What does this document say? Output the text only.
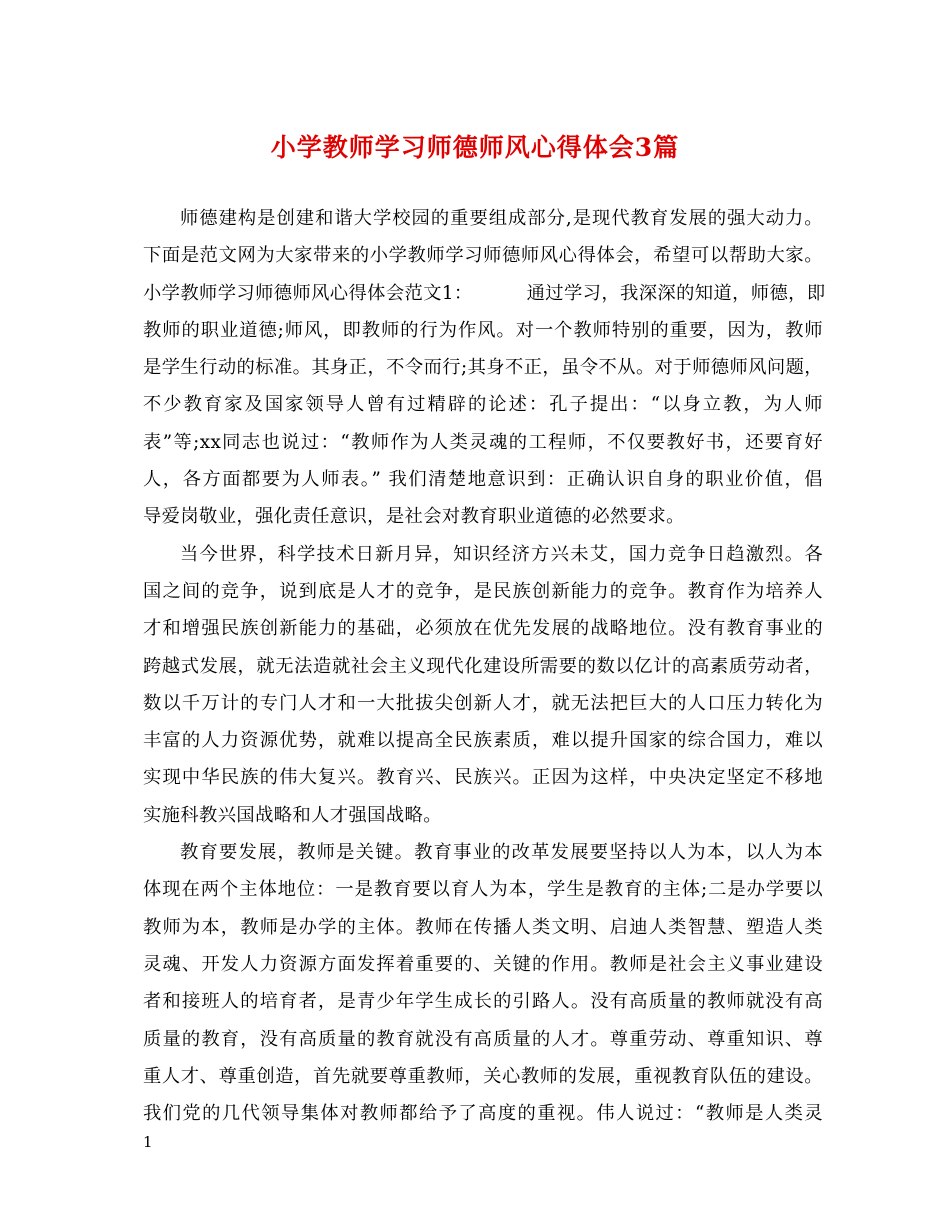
小学教师学习师德师风心得体会3篇
师德建构是创建和谐大学校园的重要组成部分,是现代教育发展的强大动力。
下面是范文网为大家带来的小学教师学习师德师风心得体会，希望可以帮助大家。
小学教师学习师德师风心得体会范文1：	通过学习，我深深的知道，师德，即
教师的职业道德;师风，即教师的行为作风。对一个教师特别的重要，因为，教师
是学生行动的标准。其身正，不令而行;其身不正，虽令不从。对于师德师风问题，
不少教育家及国家领导人曾有过精辟的论述：孔子提出：“以身立教，为人师
表”等;xx同志也说过：“教师作为人类灵魂的工程师，不仅要教好书，还要育好
人，各方面都要为人师表。” 我们清楚地意识到：正确认识自身的职业价值，倡
导爱岗敬业，强化责任意识，是社会对教育职业道德的必然要求。
当今世界，科学技术日新月异，知识经济方兴未艾，国力竞争日趋激烈。各
国之间的竞争，说到底是人才的竞争，是民族创新能力的竞争。教育作为培养人
才和增强民族创新能力的基础，必须放在优先发展的战略地位。没有教育事业的
跨越式发展，就无法造就社会主义现代化建设所需要的数以亿计的高素质劳动者，
数以千万计的专门人才和一大批拔尖创新人才，就无法把巨大的人口压力转化为
丰富的人力资源优势，就难以提高全民族素质，难以提升国家的综合国力，难以
实现中华民族的伟大复兴。教育兴、民族兴。正因为这样，中央决定坚定不移地
实施科教兴国战略和人才强国战略。
教育要发展，教师是关键。教育事业的改革发展要坚持以人为本，以人为本
体现在两个主体地位：一是教育要以育人为本，学生是教育的主体;二是办学要以
教师为本，教师是办学的主体。教师在传播人类文明、启迪人类智慧、塑造人类
灵魂、开发人力资源方面发挥着重要的、关键的作用。教师是社会主义事业建设
者和接班人的培育者，是青少年学生成长的引路人。没有高质量的教师就没有高
质量的教育，没有高质量的教育就没有高质量的人才。尊重劳动、尊重知识、尊
重人才、尊重创造，首先就要尊重教师，关心教师的发展，重视教育队伍的建设。
我们党的几代领导集体对教师都给予了高度的重视。伟人说过：“教师是人类灵

1
